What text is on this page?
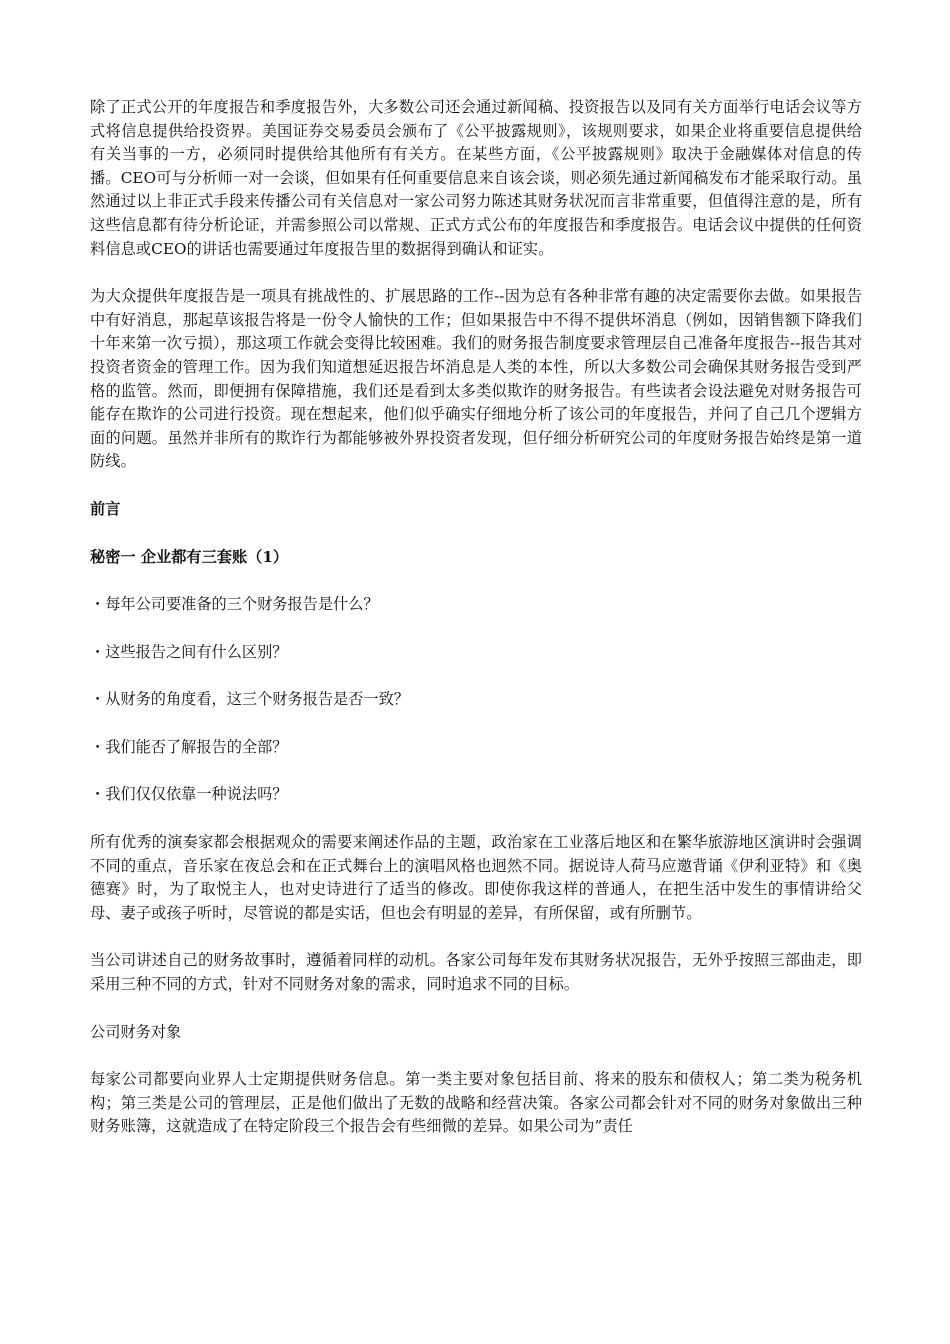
除了正式公开的年度报告和季度报告外，大多数公司还会通过新闻稿、投资报告以及同有关方面举行电话会议等方式将信息提供给投资界。美国证券交易委员会颁布了《公平披露规则》，该规则要求，如果企业将重要信息提供给有关当事的一方，必须同时提供给其他所有有关方。在某些方面，《公平披露规则》取决于金融媒体对信息的传播。CEO可与分析师一对一会谈，但如果有任何重要信息来自该会谈，则必须先通过新闻稿发布才能采取行动。虽然通过以上非正式手段来传播公司有关信息对一家公司努力陈述其财务状况而言非常重要，但值得注意的是，所有这些信息都有待分析论证，并需参照公司以常规、正式方式公布的年度报告和季度报告。电话会议中提供的任何资料信息或CEO的讲话也需要通过年度报告里的数据得到确认和证实。

为大众提供年度报告是一项具有挑战性的、扩展思路的工作--因为总有各种非常有趣的决定需要你去做。如果报告中有好消息，那起草该报告将是一份令人愉快的工作；但如果报告中不得不提供坏消息（例如，因销售额下降我们十年来第一次亏损），那这项工作就会变得比较困难。我们的财务报告制度要求管理层自己准备年度报告--报告其对投资者资金的管理工作。因为我们知道想延迟报告坏消息是人类的本性，所以大多数公司会确保其财务报告受到严格的监管。然而，即便拥有保障措施，我们还是看到太多类似欺诈的财务报告。有些读者会设法避免对财务报告可能存在欺诈的公司进行投资。现在想起来，他们似乎确实仔细地分析了该公司的年度报告，并问了自己几个逻辑方面的问题。虽然并非所有的欺诈行为都能够被外界投资者发现，但仔细分析研究公司的年度财务报告始终是第一道防线。

前言

秘密一 企业都有三套账（1）

・每年公司要准备的三个财务报告是什么？

・这些报告之间有什么区别？

・从财务的角度看，这三个财务报告是否一致？

・我们能否了解报告的全部？

・我们仅仅依靠一种说法吗？

所有优秀的演奏家都会根据观众的需要来阐述作品的主题，政治家在工业落后地区和在繁华旅游地区演讲时会强调不同的重点，音乐家在夜总会和在正式舞台上的演唱风格也迥然不同。据说诗人荷马应邀背诵《伊利亚特》和《奥德赛》时，为了取悦主人，也对史诗进行了适当的修改。即使你我这样的普通人，在把生活中发生的事情讲给父母、妻子或孩子听时，尽管说的都是实话，但也会有明显的差异，有所保留，或有所删节。

当公司讲述自己的财务故事时，遵循着同样的动机。各家公司每年发布其财务状况报告，无外乎按照三部曲走，即采用三种不同的方式，针对不同财务对象的需求，同时追求不同的目标。

公司财务对象

每家公司都要向业界人士定期提供财务信息。第一类主要对象包括目前、将来的股东和债权人；第二类为税务机构；第三类是公司的管理层，正是他们做出了无数的战略和经营决策。各家公司都会针对不同的财务对象做出三种财务账簿，这就造成了在特定阶段三个报告会有些细微的差异。如果公司为”责任
